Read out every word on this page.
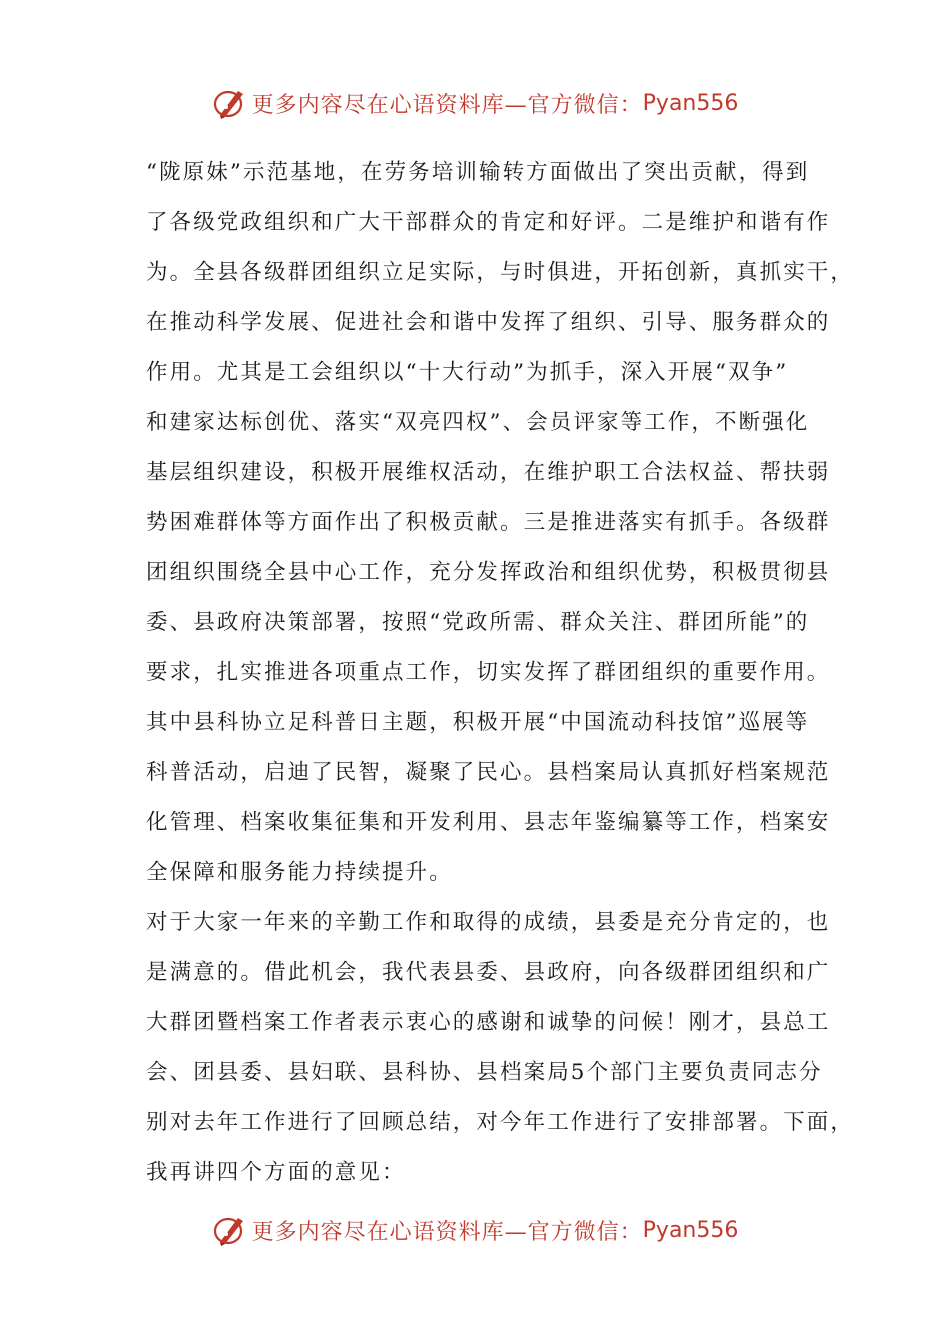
更多内容尽在心语资料库—官方微信： Pyan556
“陇原妹”示范基地，在劳务培训输转方面做出了突出贡献，得到
了各级党政组织和广大干部群众的肯定和好评。二是维护和谐有作
为。全县各级群团组织立足实际，与时俱进，开拓创新，真抓实干，
在推动科学发展、促进社会和谐中发挥了组织、引导、服务群众的
作用。尤其是工会组织以“十大行动”为抓手，深入开展“双争”
和建家达标创优、落实“双亮四权”、会员评家等工作，不断强化
基层组织建设，积极开展维权活动，在维护职工合法权益、帮扶弱
势困难群体等方面作出了积极贡献。三是推进落实有抓手。各级群
团组织围绕全县中心工作，充分发挥政治和组织优势，积极贯彻县
委、县政府决策部署，按照“党政所需、群众关注、群团所能”的
要求，扎实推进各项重点工作，切实发挥了群团组织的重要作用。
其中县科协立足科普日主题，积极开展“中国流动科技馆”巡展等
科普活动，启迪了民智，凝聚了民心。县档案局认真抓好档案规范
化管理、档案收集征集和开发利用、县志年鉴编纂等工作，档案安
全保障和服务能力持续提升。
对于大家一年来的辛勤工作和取得的成绩，县委是充分肯定的，也
是满意的。借此机会，我代表县委、县政府，向各级群团组织和广
大群团暨档案工作者表示衷心的感谢和诚挚的问候！刚才，县总工
会、团县委、县妇联、县科协、县档案局5个部门主要负责同志分
别对去年工作进行了回顾总结，对今年工作进行了安排部署。下面，
我再讲四个方面的意见：
更多内容尽在心语资料库—官方微信： Pyan556
